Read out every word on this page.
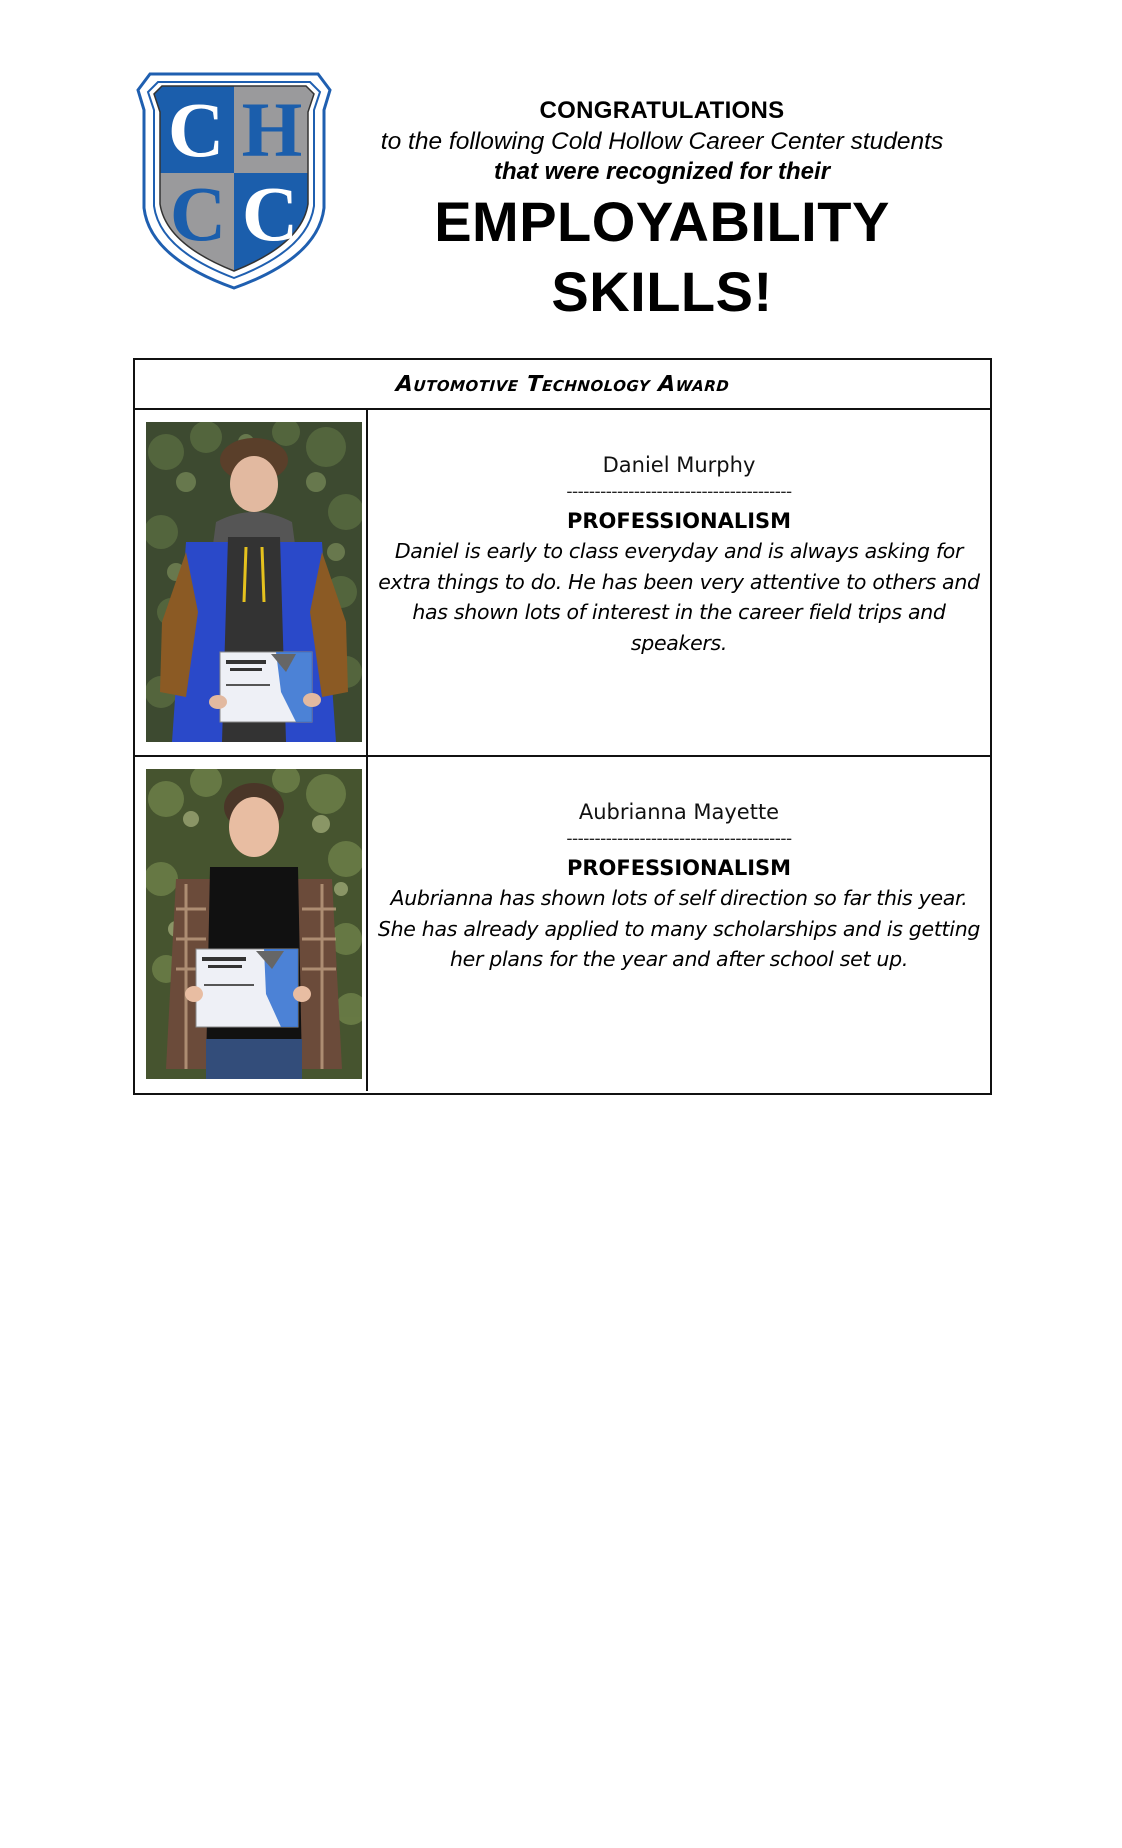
C H
C C
CONGRATULATIONS
to the following Cold Hollow Career Center students
that were recognized for their
EMPLOYABILITY
SKILLS!
Automotive Technology Award
Daniel Murphy
----------------------------------------
PROFESSIONALISM
Daniel is early to class everyday and is always asking for extra things to do. He has been very attentive to others and has shown lots of interest in the career field trips and speakers.
Aubrianna Mayette
----------------------------------------
PROFESSIONALISM
Aubrianna has shown lots of self direction so far this year. She has already applied to many scholarships and is getting her plans for the year and after school set up.
